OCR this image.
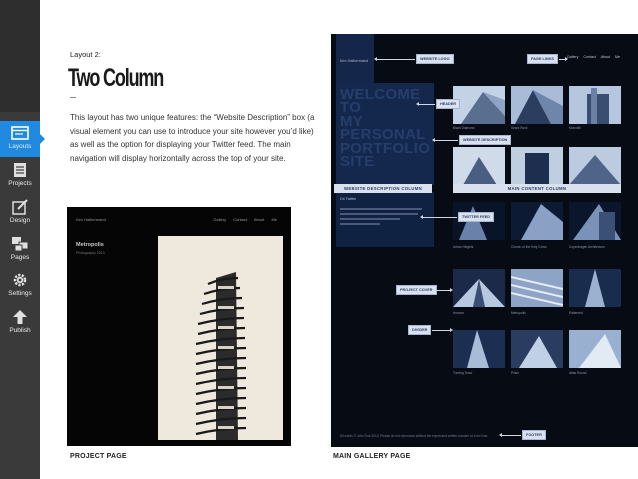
Layouts
Projects
Design
Pages
Settings
Publish
Layout 2:
Two Column
This layout has two unique features: the “Website Description” box (a visual element you can use to introduce your site however you’d like) as well as the option for displaying your Twitter feed. The main navigation will display horizontally across the top of your site.
Kim Halbermand	Gallery Contact About Me
Metropolis
Photography 2013
Kim Halbermand
Gallery Contact About Me
WELCOME
TO
MY
PERSONAL
PORTFOLIO
SITE
On Twitter
Black Diamond	Sears Rock	Monolith
WEBSITE DESCRIPTION COLUMN	MAIN CONTENT COLUMN
Urban Heights	Church of the Holy Cross	Copenhagen Architecture
Horizon	Metropolis	Patterned
Turning Torso	Prism	Atlas Round
WEBSITE LOGO	PAGE LINKS
HEADER
WEBSITE DESCRIPTION
TWITTER FEED
PROJECT COVER
DIVIDER
All works © John Doe 2013. Please do not reproduce without the expressed written consent of John Doe.	FOOTER
PROJECT PAGE	MAIN GALLERY PAGE
